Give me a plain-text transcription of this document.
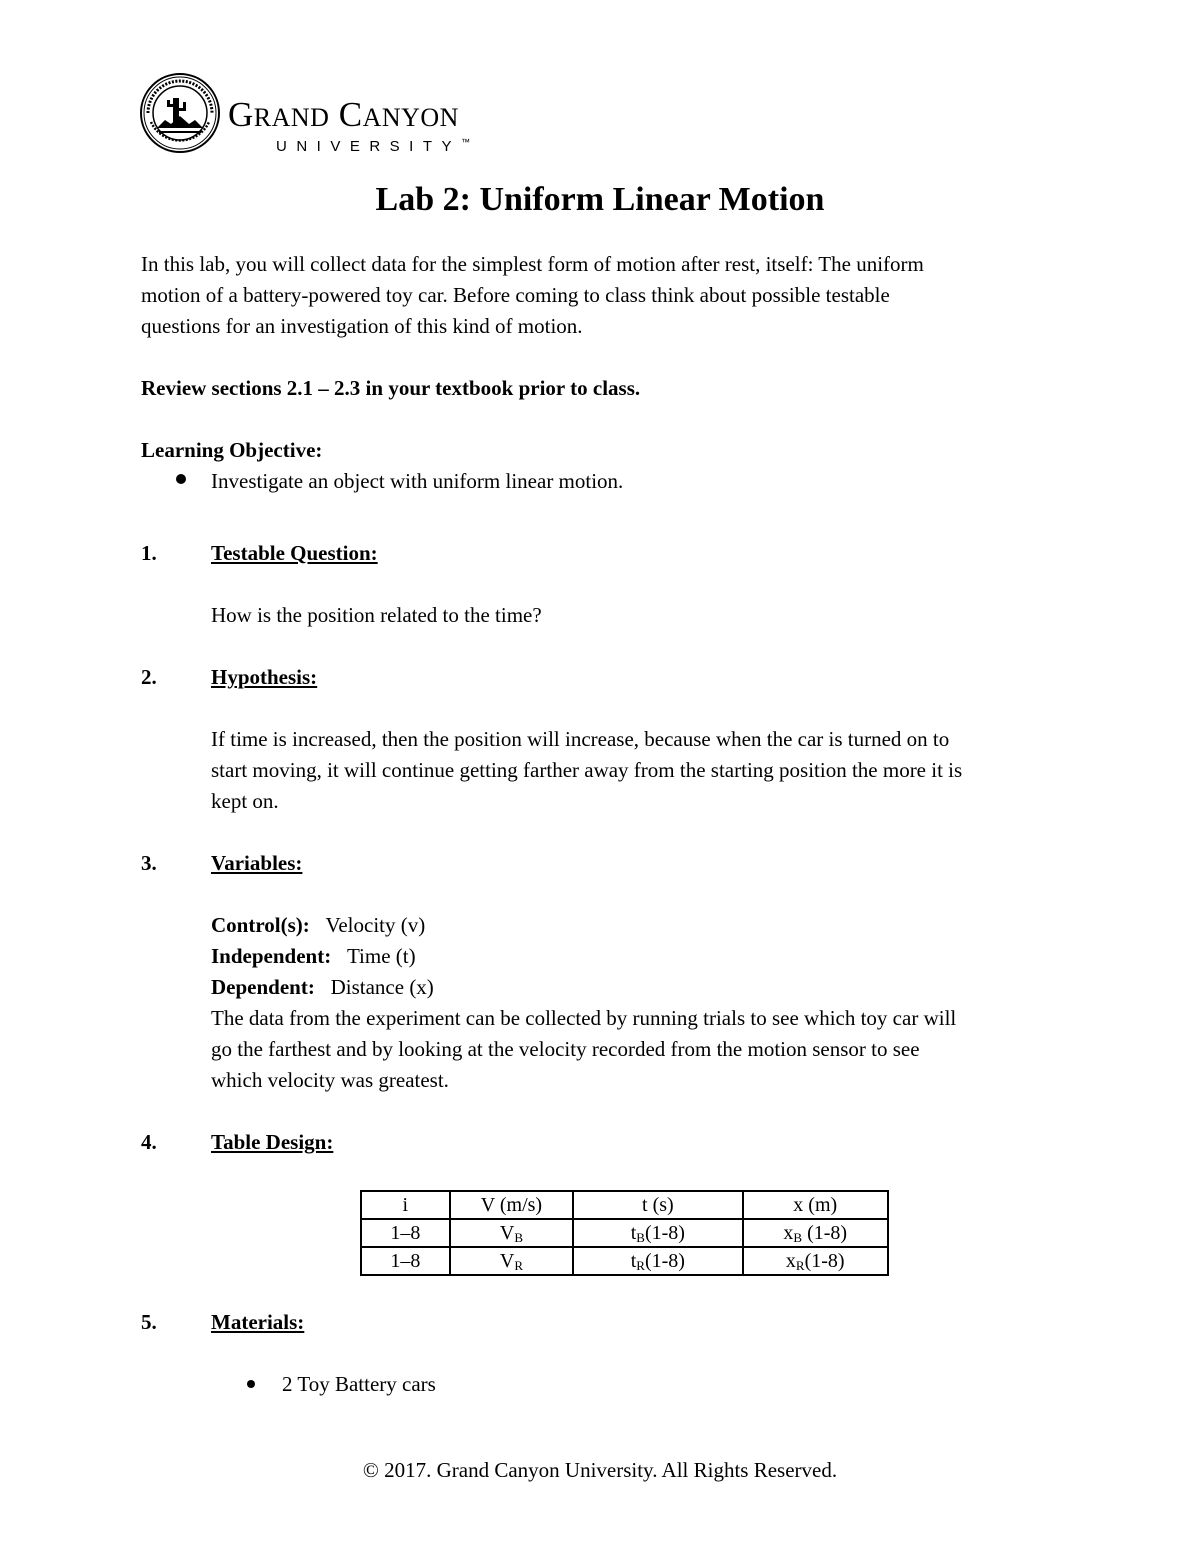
GRAND CANYON
UNIVERSITY™
Lab 2: Uniform Linear Motion
In this lab, you will collect data for the simplest form of motion after rest, itself: The uniform
motion of a battery-powered toy car. Before coming to class think about possible testable
questions for an investigation of this kind of motion.
Review sections 2.1 – 2.3 in your textbook prior to class.
Learning Objective:
Investigate an object with uniform linear motion.
1.	Testable Question:
How is the position related to the time?
2.	Hypothesis:
If time is increased, then the position will increase, because when the car is turned on to
start moving, it will continue getting farther away from the starting position the more it is
kept on.
3.	Variables:
Control(s): Velocity (v)
Independent: Time (t)
Dependent: Distance (x)
The data from the experiment can be collected by running trials to see which toy car will
go the farthest and by looking at the velocity recorded from the motion sensor to see
which velocity was greatest.
4.	Table Design:
i	V (m/s)	t (s)	x (m)
1–8	$V_B$	$t_B(1-8)$	$x_B$ (1-8)
1–8	$V_R$	$t_R(1-8)$	$x_R(1-8)$
5.	Materials:
2 Toy Battery cars
© 2017. Grand Canyon University. All Rights Reserved.
